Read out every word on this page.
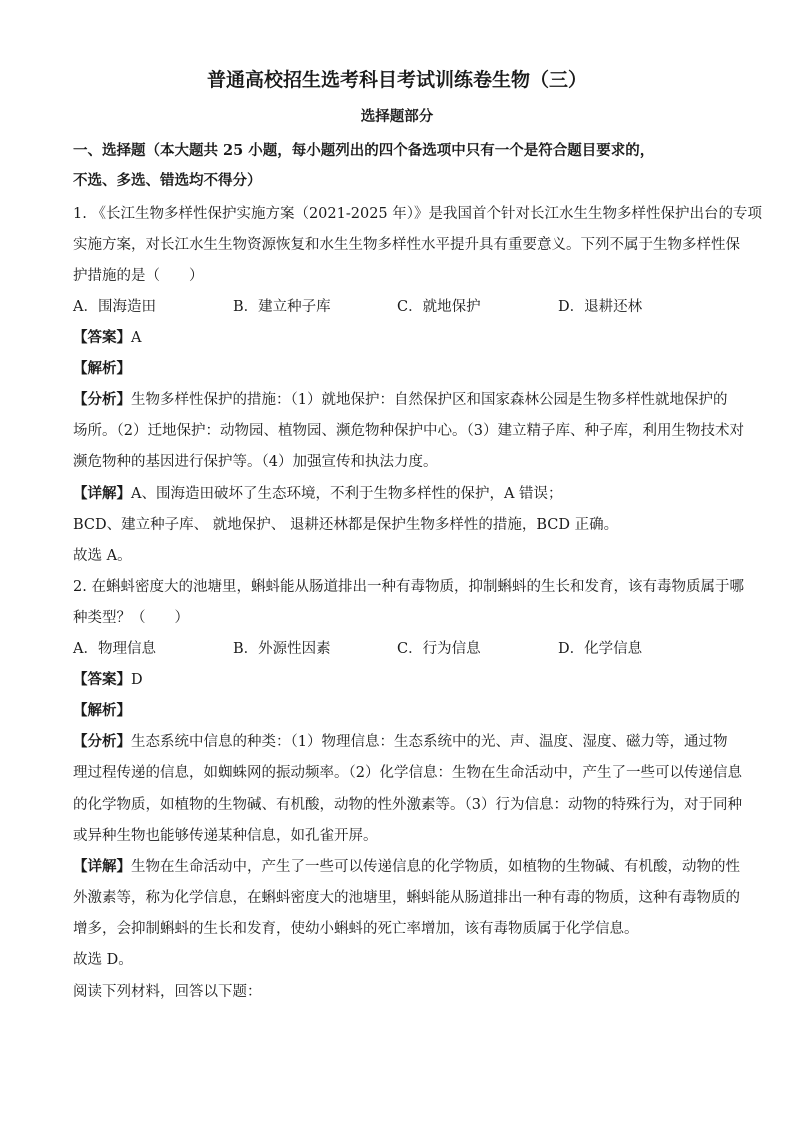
普通高校招生选考科目考试训练卷生物（三）
选择题部分
一、选择题（本大题共 25 小题，每小题列出的四个备选项中只有一个是符合题目要求的，
不选、多选、错选均不得分）
1. 《长江生物多样性保护实施方案（2021-2025 年）》是我国首个针对长江水生生物多样性保护出台的专项
实施方案，对长江水生生物资源恢复和水生生物多样性水平提升具有重要意义。下列不属于生物多样性保
护措施的是（　　）
A．围海造田	B．建立种子库	C．就地保护	D．退耕还林
【答案】A
【解析】
【分析】生物多样性保护的措施：（1）就地保护：自然保护区和国家森林公园是生物多样性就地保护的
场所。（2）迁地保护：动物园、植物园、濒危物种保护中心。（3）建立精子库、种子库，利用生物技术对
濒危物种的基因进行保护等。（4）加强宣传和执法力度。
【详解】A、围海造田破坏了生态环境，不利于生物多样性的保护，A 错误；
BCD、建立种子库、 就地保护、 退耕还林都是保护生物多样性的措施，BCD 正确。
故选 A。
2. 在蝌蚪密度大的池塘里，蝌蚪能从肠道排出一种有毒物质，抑制蝌蚪的生长和发育，该有毒物质属于哪
种类型？（　　）
A．物理信息	B．外源性因素	C．行为信息	D．化学信息
【答案】D
【解析】
【分析】生态系统中信息的种类：（1）物理信息：生态系统中的光、声、温度、湿度、磁力等，通过物
理过程传递的信息，如蜘蛛网的振动频率。（2）化学信息：生物在生命活动中，产生了一些可以传递信息
的化学物质，如植物的生物碱、有机酸，动物的性外激素等。（3）行为信息：动物的特殊行为，对于同种
或异种生物也能够传递某种信息，如孔雀开屏。
【详解】生物在生命活动中，产生了一些可以传递信息的化学物质，如植物的生物碱、有机酸，动物的性
外激素等，称为化学信息，在蝌蚪密度大的池塘里，蝌蚪能从肠道排出一种有毒的物质，这种有毒物质的
增多，会抑制蝌蚪的生长和发育，使幼小蝌蚪的死亡率增加，该有毒物质属于化学信息。
故选 D。
阅读下列材料，回答以下题：
